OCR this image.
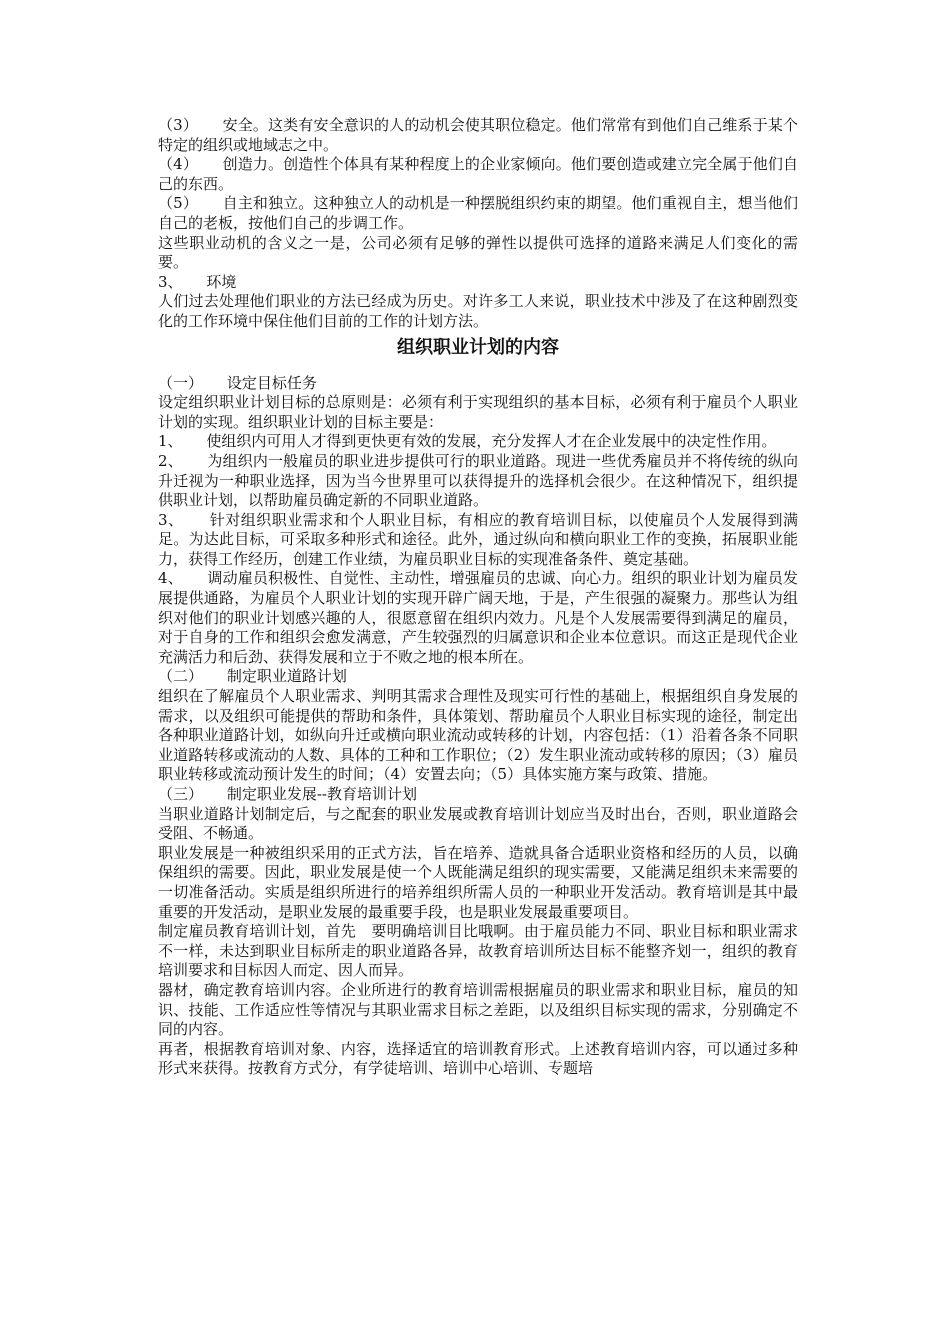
（3） 安全。这类有安全意识的人的动机会使其职位稳定。他们常常有到他们自己维系于某个特定的组织或地域志之中。

（4） 创造力。创造性个体具有某种程度上的企业家倾向。他们要创造或建立完全属于他们自己的东西。

（5） 自主和独立。这种独立人的动机是一种摆脱组织约束的期望。他们重视自主，想当他们自己的老板，按他们自己的步调工作。

这些职业动机的含义之一是，公司必须有足够的弹性以提供可选择的道路来满足人们变化的需要。

3、 环境

人们过去处理他们职业的方法已经成为历史。对许多工人来说，职业技术中涉及了在这种剧烈变化的工作环境中保住他们目前的工作的计划方法。

组织职业计划的内容

（一） 设定目标任务

设定组织职业计划目标的总原则是：必须有利于实现组织的基本目标，必须有利于雇员个人职业计划的实现。组织职业计划的目标主要是：

1、 使组织内可用人才得到更快更有效的发展，充分发挥人才在企业发展中的决定性作用。

2、 为组织内一般雇员的职业进步提供可行的职业道路。现进一些优秀雇员并不将传统的纵向升迁视为一种职业选择，因为当今世界里可以获得提升的选择机会很少。在这种情况下，组织提供职业计划，以帮助雇员确定新的不同职业道路。

3、 针对组织职业需求和个人职业目标，有相应的教育培训目标，以使雇员个人发展得到满足。为达此目标，可采取多种形式和途径。此外，通过纵向和横向职业工作的变换，拓展职业能力，获得工作经历，创建工作业绩，为雇员职业目标的实现准备条件、奠定基础。

4、 调动雇员积极性、自觉性、主动性，增强雇员的忠诚、向心力。组织的职业计划为雇员发展提供通路，为雇员个人职业计划的实现开辟广阔天地，于是，产生很强的凝聚力。那些认为组织对他们的职业计划感兴趣的人，很愿意留在组织内效力。凡是个人发展需要得到满足的雇员，对于自身的工作和组织会愈发满意，产生较强烈的归属意识和企业本位意识。而这正是现代企业充满活力和后劲、获得发展和立于不败之地的根本所在。

（二） 制定职业道路计划

组织在了解雇员个人职业需求、判明其需求合理性及现实可行性的基础上，根据组织自身发展的需求，以及组织可能提供的帮助和条件，具体策划、帮助雇员个人职业目标实现的途径，制定出各种职业道路计划，如纵向升迁或横向职业流动或转移的计划，内容包括：（1）沿着各条不同职业道路转移或流动的人数、具体的工种和工作职位；（2）发生职业流动或转移的原因；（3）雇员职业转移或流动预计发生的时间；（4）安置去向；（5）具体实施方案与政策、措施。

（三） 制定职业发展--教育培训计划

当职业道路计划制定后，与之配套的职业发展或教育培训计划应当及时出台，否则，职业道路会受阻、不畅通。

职业发展是一种被组织采用的正式方法，旨在培养、造就具备合适职业资格和经历的人员，以确保组织的需要。因此，职业发展是使一个人既能满足组织的现实需要，又能满足组织未来需要的一切准备活动。实质是组织所进行的培养组织所需人员的一种职业开发活动。教育培训是其中最重要的开发活动，是职业发展的最重要手段，也是职业发展最重要项目。

制定雇员教育培训计划，首先　要明确培训目比哦啊。由于雇员能力不同、职业目标和职业需求不一样，未达到职业目标所走的职业道路各异，故教育培训所达目标不能整齐划一，组织的教育培训要求和目标因人而定、因人而异。

器材，确定教育培训内容。企业所进行的教育培训需根据雇员的职业需求和职业目标，雇员的知识、技能、工作适应性等情况与其职业需求目标之差距，以及组织目标实现的需求，分别确定不同的内容。

再者，根据教育培训对象、内容，选择适宜的培训教育形式。上述教育培训内容，可以通过多种形式来获得。按教育方式分，有学徒培训、培训中心培训、专题培
